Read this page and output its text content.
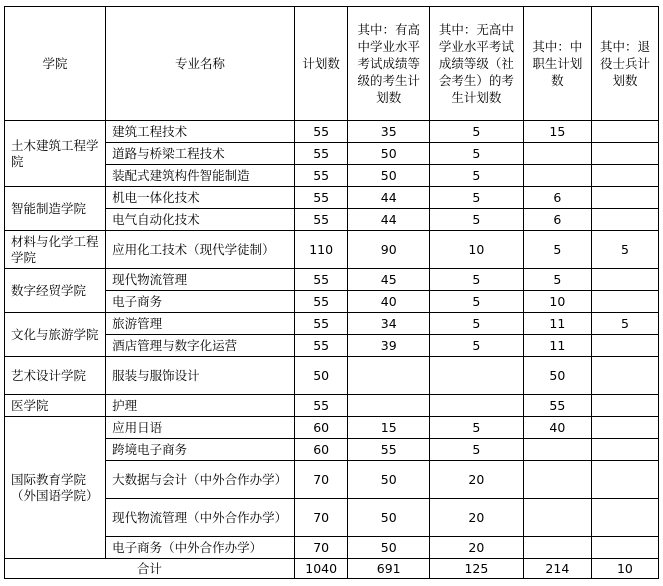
学院	专业名称	计划数	其中：有高中学业水平考试成绩等级的考生计划数	其中：无高中学业水平考试成绩等级（社会考生）的考生计划数	其中：中职生计划数	其中：退役士兵计划数
土木建筑工程学院	建筑工程技术	55	35	5	15	
	道路与桥梁工程技术	55	50	5		
	装配式建筑构件智能制造	55	50	5		
智能制造学院	机电一体化技术	55	44	5	6	
	电气自动化技术	55	44	5	6	
材料与化学工程学院	应用化工技术（现代学徒制）	110	90	10	5	5
数字经贸学院	现代物流管理	55	45	5	5	
	电子商务	55	40	5	10	
文化与旅游学院	旅游管理	55	34	5	11	5
	酒店管理与数字化运营	55	39	5	11	
艺术设计学院	服装与服饰设计	50			50	
医学院	护理	55			55	
国际教育学院（外国语学院）	应用日语	60	15	5	40	
	跨境电子商务	60	55	5		
	大数据与会计（中外合作办学）	70	50	20		
	现代物流管理（中外合作办学）	70	50	20		
	电子商务（中外合作办学）	70	50	20		
合计		1040	691	125	214	10
